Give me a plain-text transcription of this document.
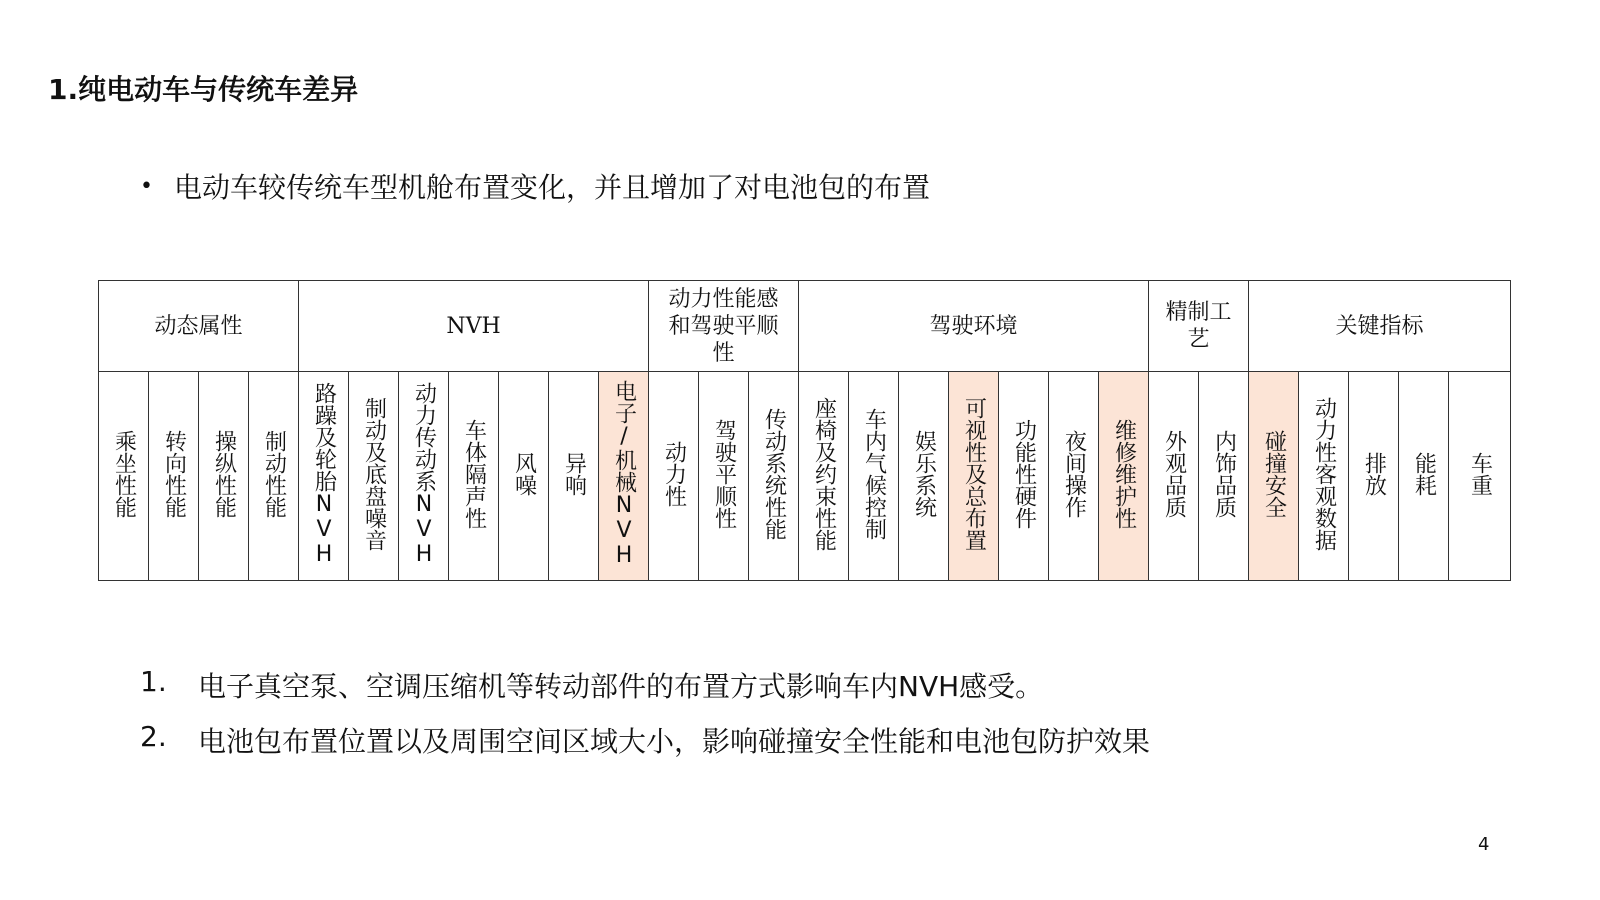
1.纯电动车与传统车差异
• 电动车较传统车型机舱布置变化，并且增加了对电池包的布置
动态属性				NVH							动力性能感和驾驶平顺性			驾驶环境							精制工艺		关键指标				
乘坐性能	转向性能	操纵性能	制动性能	路躁及轮胎NVH	制动及底盘噪音	动力传动系NVH	车体隔声性	风噪	异响	电子/机械NVH	动力性	驾驶平顺性	传动系统性能	座椅及约束性能	车内气候控制	娱乐系统	可视性及总布置	功能性硬件	夜间操作	维修维护性	外观品质	内饰品质	碰撞安全	动力性客观数据	排放	能耗	车重
1.	电子真空泵、空调压缩机等转动部件的布置方式影响车内NVH感受。
2.	电池包布置位置以及周围空间区域大小，影响碰撞安全性能和电池包防护效果
4
